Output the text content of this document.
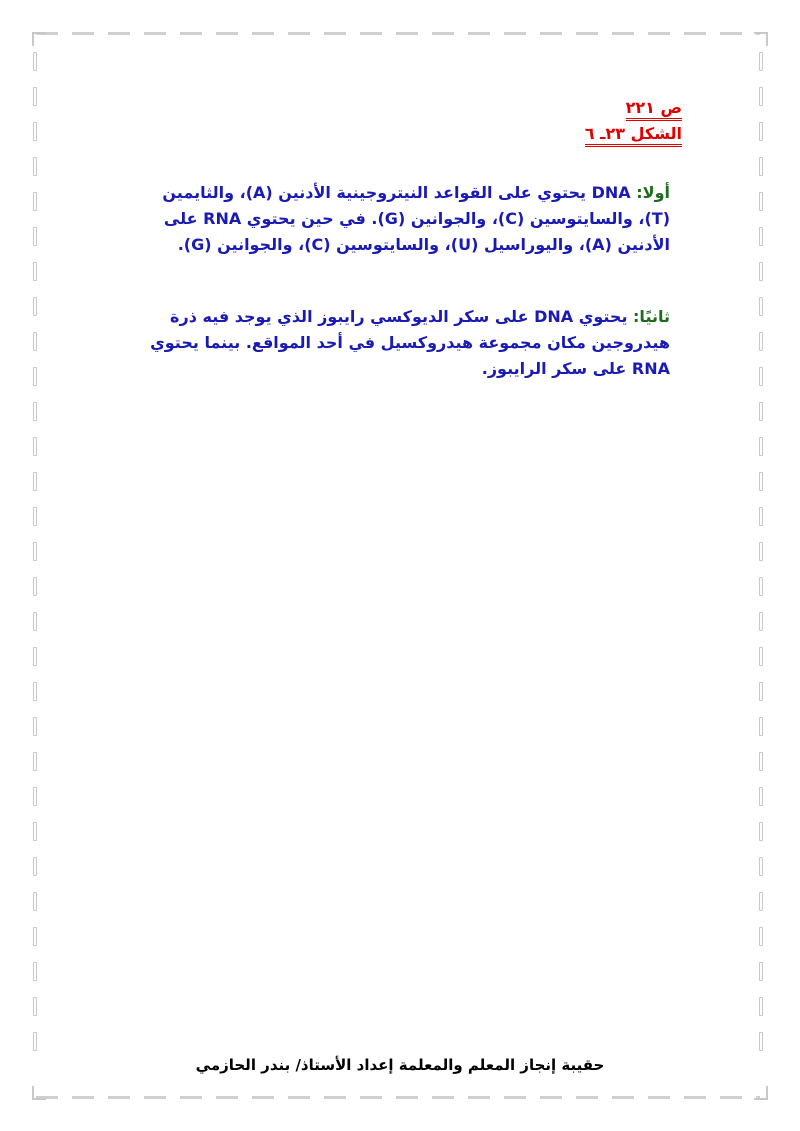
ص ٢٢١
الشكل ٢٣ـ ٦

أولا: DNA يحتوي على القواعد النيتروجينية الأدنين (A)، والثايمين (T)، والسايتوسين (C)، والجوانين (G). في حين يحتوي RNA على الأدنين (A)، واليوراسيل (U)، والسايتوسين (C)، والجوانين (G).

ثانيًا: يحتوي DNA على سكر الديوكسي رايبوز الذي يوجد فيه ذرة هيدروجين مكان مجموعة هيدروكسيل في أحد المواقع. بينما يحتوي RNA على سكر الرايبوز.

حقيبة إنجاز المعلم والمعلمة إعداد الأستاذ/ بندر الحازمي
